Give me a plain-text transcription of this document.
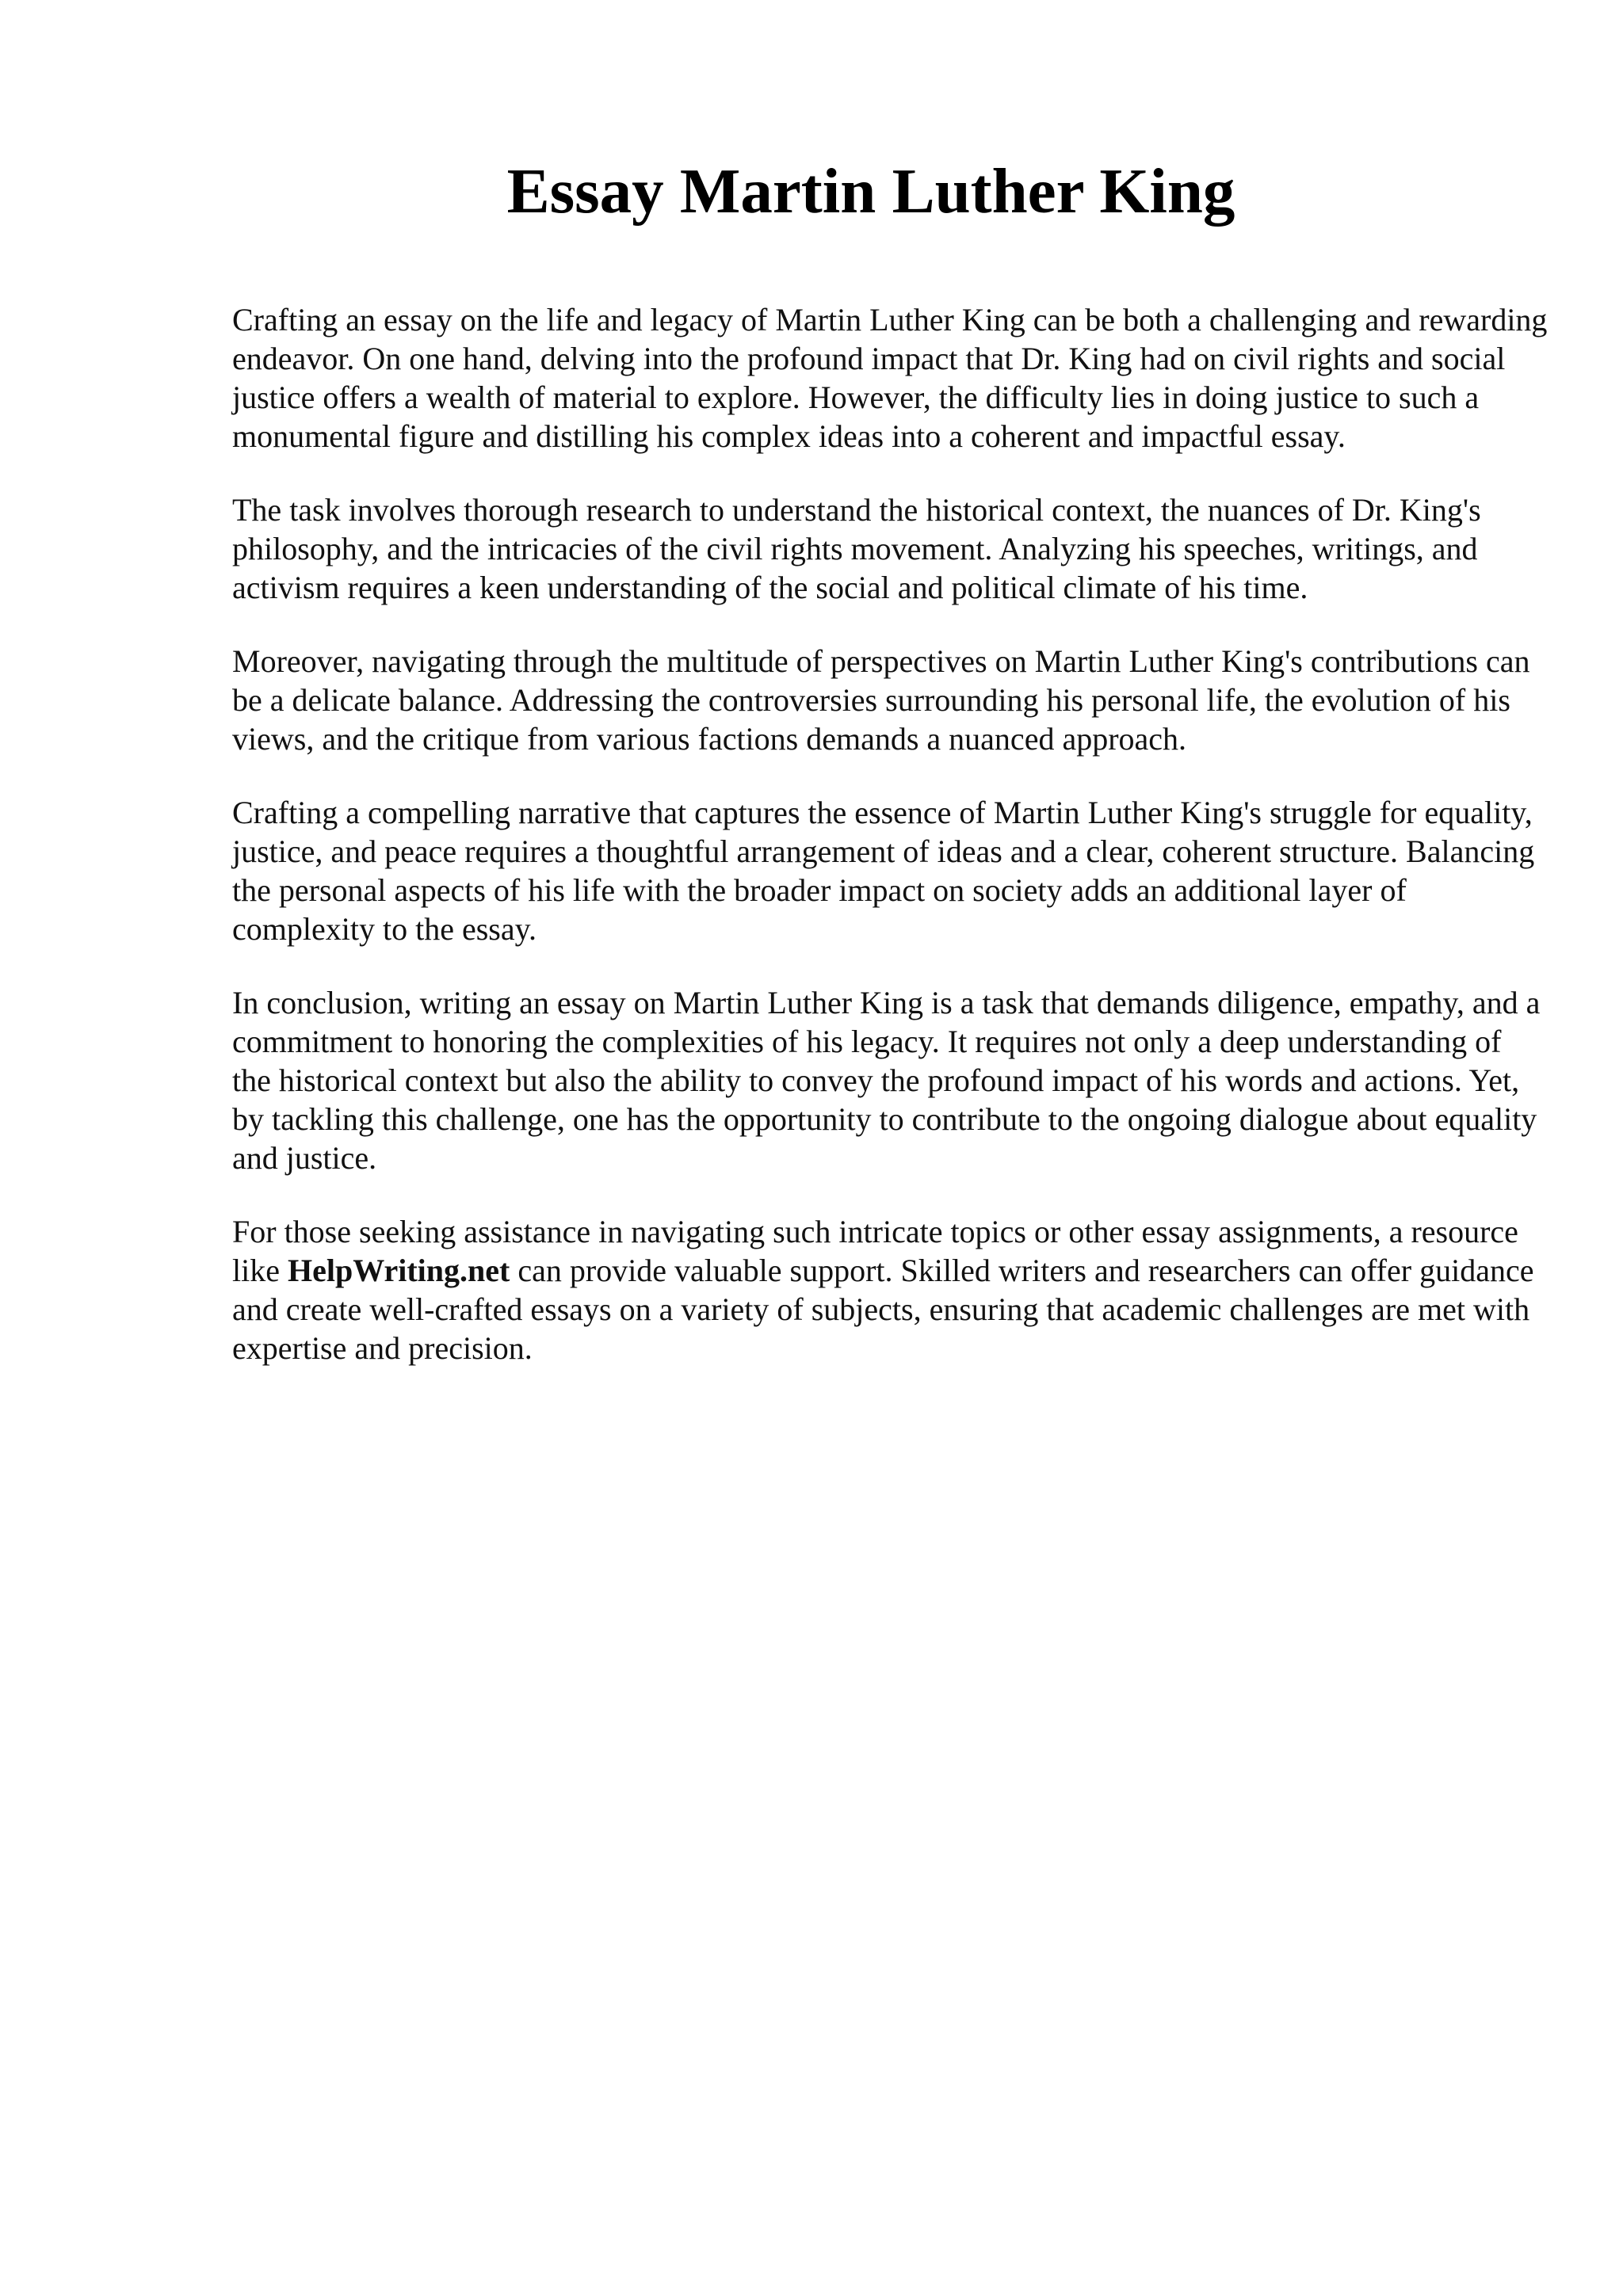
Essay Martin Luther King

Crafting an essay on the life and legacy of Martin Luther King can be both a challenging and rewarding endeavor. On one hand, delving into the profound impact that Dr. King had on civil rights and social justice offers a wealth of material to explore. However, the difficulty lies in doing justice to such a monumental figure and distilling his complex ideas into a coherent and impactful essay.

The task involves thorough research to understand the historical context, the nuances of Dr. King's philosophy, and the intricacies of the civil rights movement. Analyzing his speeches, writings, and activism requires a keen understanding of the social and political climate of his time.

Moreover, navigating through the multitude of perspectives on Martin Luther King's contributions can be a delicate balance. Addressing the controversies surrounding his personal life, the evolution of his views, and the critique from various factions demands a nuanced approach.

Crafting a compelling narrative that captures the essence of Martin Luther King's struggle for equality, justice, and peace requires a thoughtful arrangement of ideas and a clear, coherent structure. Balancing the personal aspects of his life with the broader impact on society adds an additional layer of complexity to the essay.

In conclusion, writing an essay on Martin Luther King is a task that demands diligence, empathy, and a commitment to honoring the complexities of his legacy. It requires not only a deep understanding of the historical context but also the ability to convey the profound impact of his words and actions. Yet, by tackling this challenge, one has the opportunity to contribute to the ongoing dialogue about equality and justice.

For those seeking assistance in navigating such intricate topics or other essay assignments, a resource like HelpWriting.net can provide valuable support. Skilled writers and researchers can offer guidance and create well-crafted essays on a variety of subjects, ensuring that academic challenges are met with expertise and precision.
